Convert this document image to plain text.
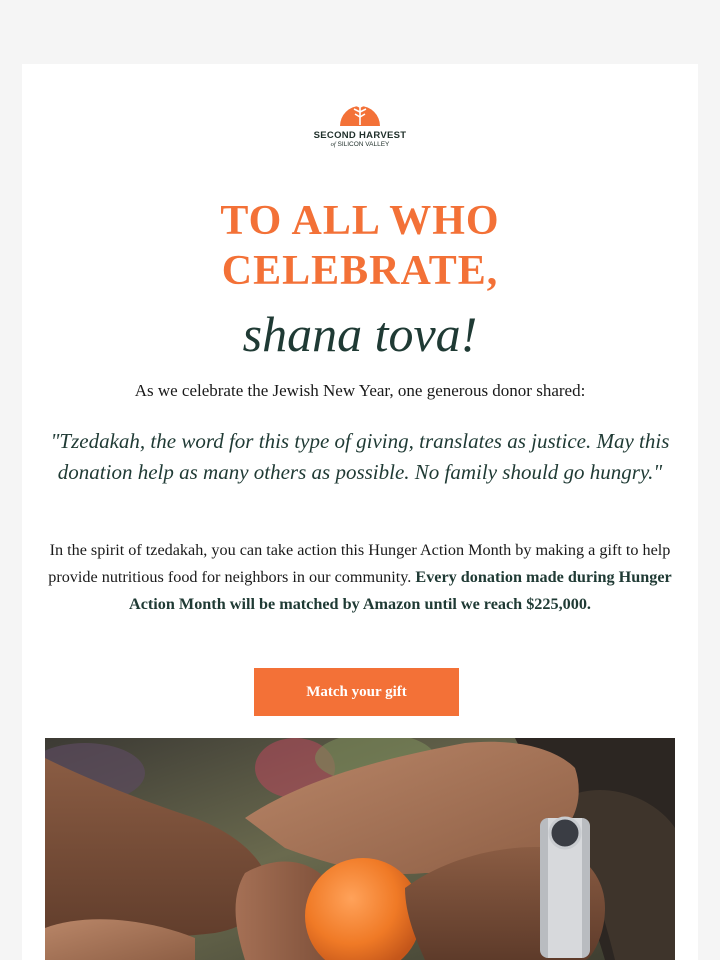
SECOND HARVEST
of SILICON VALLEY
TO ALL WHO
CELEBRATE,
shana tova!

As we celebrate the Jewish New Year, one generous donor shared:

"Tzedakah, the word for this type of giving, translates as justice. May this donation help as many others as possible. No family should go hungry."

In the spirit of tzedakah, you can take action this Hunger Action Month by making a gift to help provide nutritious food for neighbors in our community. Every donation made during Hunger Action Month will be matched by Amazon until we reach $225,000.

Match your gift
